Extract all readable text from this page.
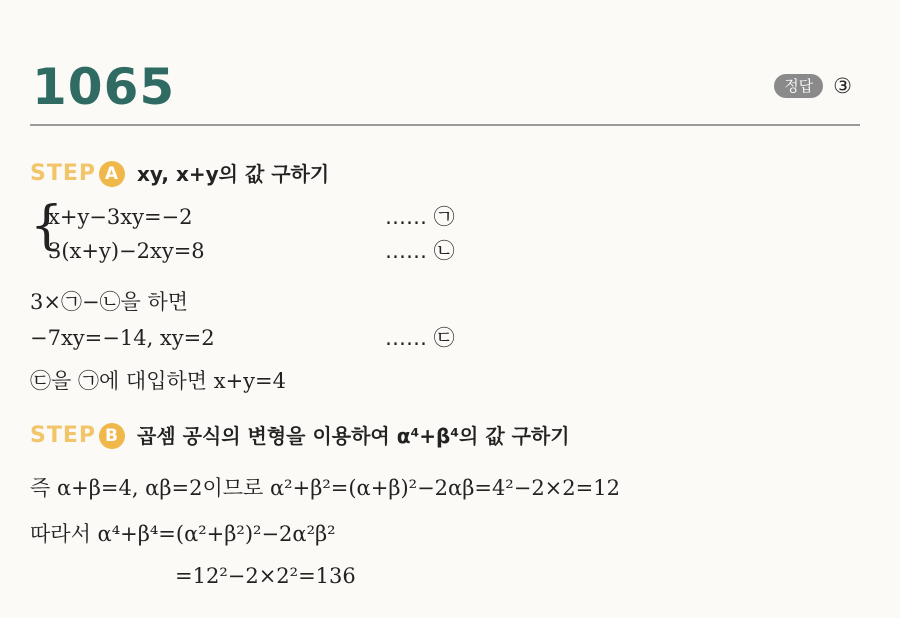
1065	정답 ③
STEP A xy, x+y의 값 구하기
{
x+y−3xy=−2	…… ㉠
3(x+y)−2xy=8	…… ㉡
3×㉠−㉡을 하면
−7xy=−14, xy=2	…… ㉢
㉢을 ㉠에 대입하면 x+y=4
STEP B 곱셈 공식의 변형을 이용하여 α⁴+β⁴의 값 구하기
즉 α+β=4, αβ=2이므로 α²+β²=(α+β)²−2αβ=4²−2×2=12
따라서 α⁴+β⁴=(α²+β²)²−2α²β²
=12²−2×2²=136
